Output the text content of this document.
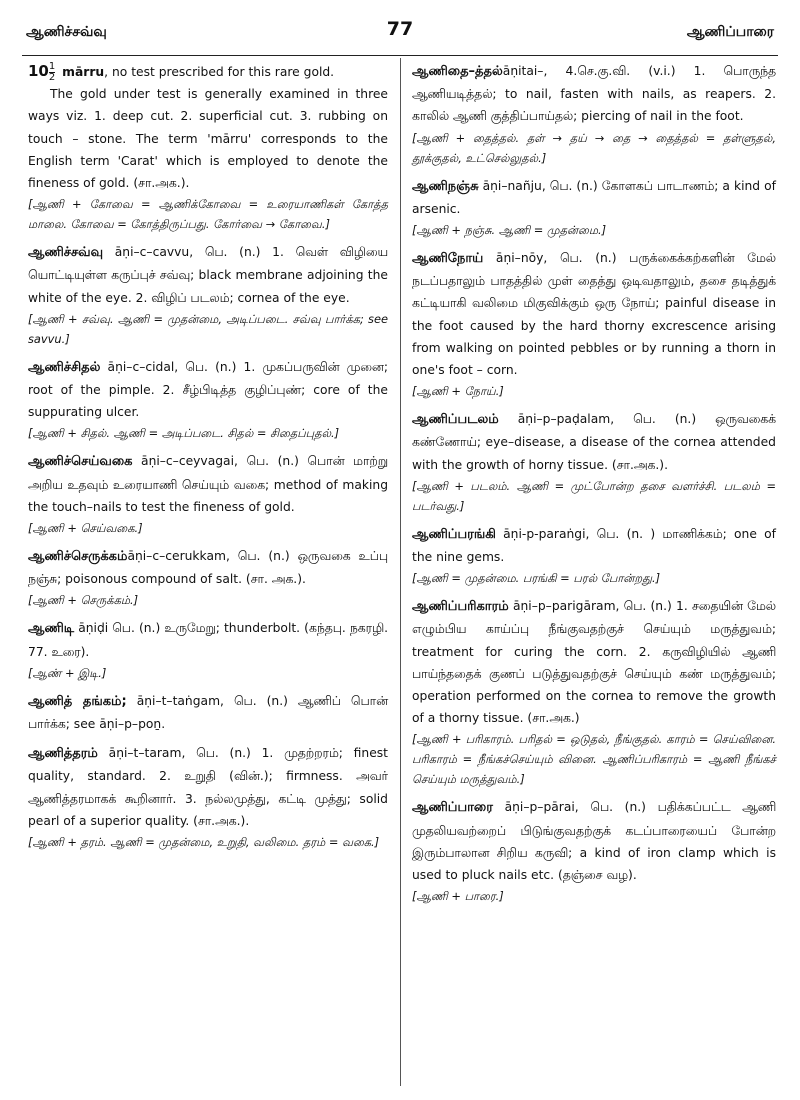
ஆணிச்சவ்வு	77	ஆணிப்பாரை

$10 \frac{1}{2}$ mārru, no test prescribed for this rare gold.

The gold under test is generally examined in three ways viz. 1. deep cut. 2. superficial cut. 3. rubbing on touch – stone. The term 'mārru' corresponds to the English term 'Carat' which is employed to denote the fineness of gold. (சா.அக.).

[ஆணி + கோவை = ஆணிக்கோவை = உரையாணிகள் கோத்த மாலை. கோவை = கோத்திருப்பது. கோர்வை → கோவை.]

ஆணிச்சவ்வு āṇi–c–cavvu, பெ. (n.) 1. வெள் விழியை யொட்டியுள்ள கருப்புச் சவ்வு; black membrane adjoining the white of the eye. 2. விழிப் படலம்; cornea of the eye.

[ஆணி + சவ்வு. ஆணி = முதன்மை, அடிப்படை. சவ்வு பார்க்க; see savvu.]

ஆணிச்சிதல் āṇi–c–cidal, பெ. (n.) 1. முகப்பருவின் முனை; root of the pimple. 2. சீழ்பிடித்த குழிப்புண்; core of the suppurating ulcer.

[ஆணி + சிதல். ஆணி = அடிப்படை. சிதல் = சிதைப்புதல்.]

ஆணிச்செய்வகை āṇi–c–ceyvagai, பெ. (n.) பொன் மாற்று அறிய உதவும் உரையாணி செய்யும் வகை; method of making the touch–nails to test the fineness of gold.

[ஆணி + செய்வகை.]

ஆணிச்செருக்கம்āṇi–c–cerukkam, பெ. (n.) ஒருவகை உப்பு நஞ்சு; poisonous compound of salt. (சா. அக.).

[ஆணி + செருக்கம்.]

ஆணிடி āṇiḍi பெ. (n.) உருமேறு; thunderbolt. (கந்தபு. நகரழி. 77. உரை).

[ஆண் + இடி.]

ஆணித் தங்கம்; āṇi–t–taṅgam, பெ. (n.) ஆணிப் பொன் பார்க்க; see āṇi–p–poṉ.

ஆணித்தரம் āṇi–t–taram, பெ. (n.) 1. முதற்றரம்; finest quality, standard. 2. உறுதி (வின்.); firmness. அவர் ஆணித்தரமாகக் கூறினார். 3. நல்லமுத்து, கட்டி முத்து; solid pearl of a superior quality. (சா.அக.).

[ஆணி + தரம். ஆணி = முதன்மை, உறுதி, வலிமை. தரம் = வகை.]

ஆணிதை–த்தல்āṇitai–, 4.செ.கு.வி. (v.i.) 1. பொருந்த ஆணியடித்தல்; to nail, fasten with nails, as reapers. 2. காலில் ஆணி குத்திப்பாய்தல்; piercing of nail in the foot.

[ஆணி + தைத்தல். தள் → தய் → தை → தைத்தல் = தள்ளுதல், தூக்குதல், உட்செல்லுதல்.]

ஆணிநஞ்சு āṇi–nañju, பெ. (n.) கோளகப் பாடாணம்; a kind of arsenic.

[ஆணி + நஞ்சு. ஆணி = முதன்மை.]

ஆணிநோய் āṇi–nōy, பெ. (n.) பருக்கைக்கற்களின் மேல் நடப்பதாலும் பாதத்தில் முள் தைத்து ஒடிவதாலும், தசை தடித்துக் கட்டியாகி வலிமை மிகுவிக்கும் ஒரு நோய்; painful disease in the foot caused by the hard thorny excrescence arising from walking on pointed pebbles or by running a thorn in one's foot – corn.

[ஆணி + நோய்.]

ஆணிப்படலம் āṇi–p–paḍalam, பெ. (n.) ஒருவகைக் கண்ணோய்; eye–disease, a disease of the cornea attended with the growth of horny tissue. (சா.அக.).

[ஆணி + படலம். ஆணி = முட்போன்ற தசை வளர்ச்சி. படலம் = படர்வது.]

ஆணிப்பரங்கி āṇi-p-paraṅgi, பெ. (n. ) மாணிக்கம்; one of the nine gems.

[ஆணி = முதன்மை. பரங்கி = பரல் போன்றது.]

ஆணிப்பரிகாரம் āṇi–p–parigāram, பெ. (n.) 1. சதையின் மேல் எழும்பிய காய்ப்பு நீங்குவதற்குச் செய்யும் மருத்துவம்; treatment for curing the corn. 2. கருவிழியில் ஆணி பாய்ந்ததைக் குணப் படுத்துவதற்குச் செய்யும் கண் மருத்துவம்; operation performed on the cornea to remove the growth of a thorny tissue. (சா.அக.)

[ஆணி + பரிகாரம். பரிதல் = ஒடுதல், நீங்குதல். காரம் = செய்வினை. பரிகாரம் = நீங்கச்செய்யும் வினை. ஆணிப்பரிகாரம் = ஆணி நீங்கச் செய்யும் மருத்துவம்.]

ஆணிப்பாரை āṇi–p–pārai, பெ. (n.) பதிக்கப்பட்ட ஆணி முதலியவற்றைப் பிடுங்குவதற்குக் கடப்பாரையைப் போன்ற இரும்பாலான சிறிய கருவி; a kind of iron clamp which is used to pluck nails etc. (தஞ்சை வழ).

[ஆணி + பாரை.]
